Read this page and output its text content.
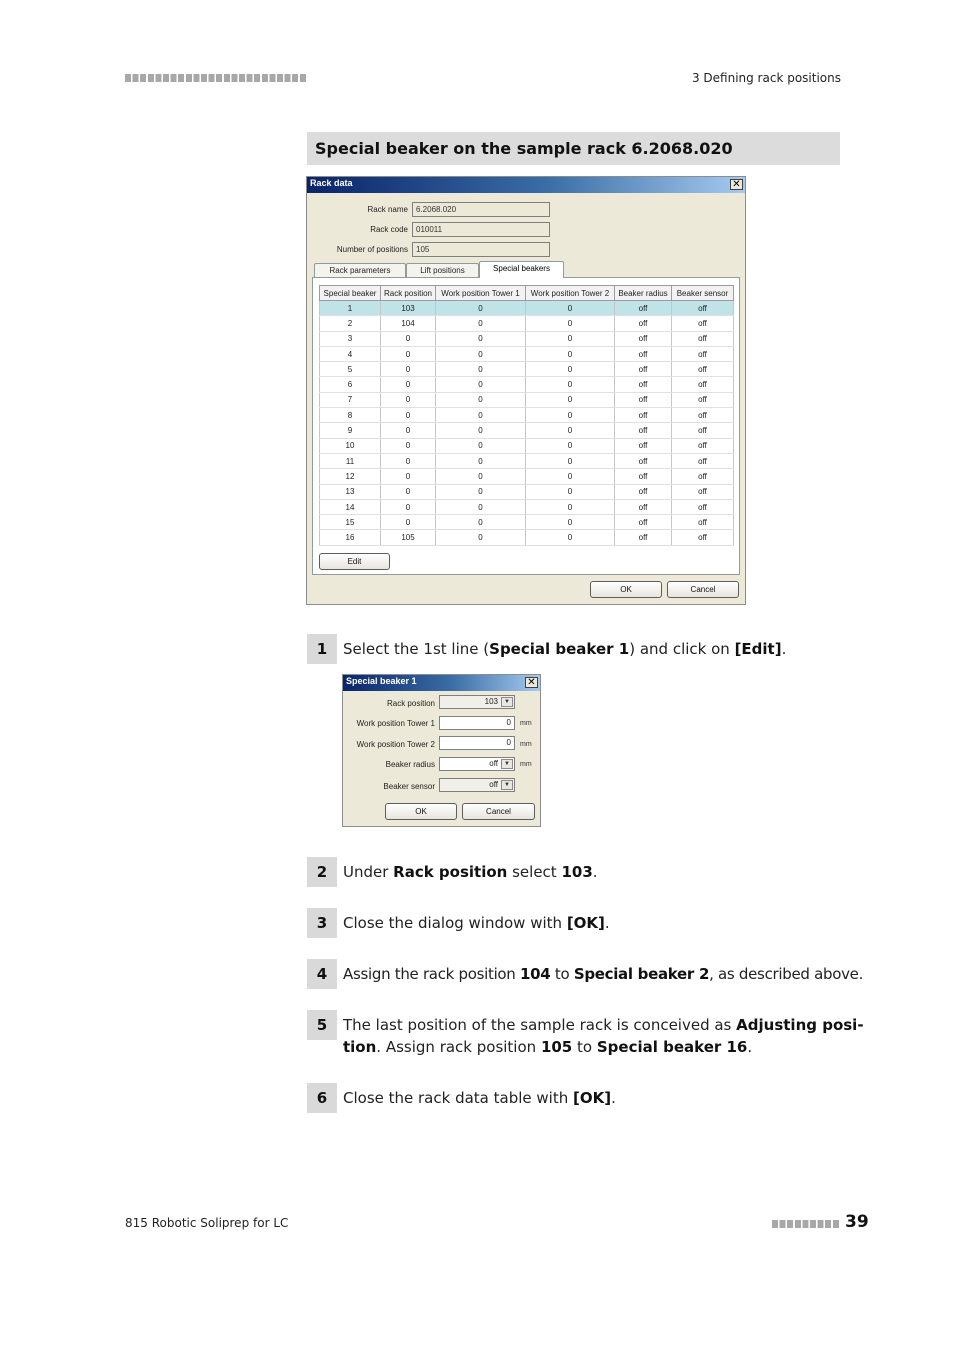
3 Defining rack positions
Special beaker on the sample rack 6.2068.020
Rack data	✕
Rack name	6.2068.020
Rack code	010011
Number of positions	105
Rack parameters	Lift positions	Special beakers
Special beaker	Rack position	Work position Tower 1	Work position Tower 2	Beaker radius	Beaker sensor
1	103	0	0	off	off
2	104	0	0	off	off
3	0	0	0	off	off
4	0	0	0	off	off
5	0	0	0	off	off
6	0	0	0	off	off
7	0	0	0	off	off
8	0	0	0	off	off
9	0	0	0	off	off
10	0	0	0	off	off
11	0	0	0	off	off
12	0	0	0	off	off
13	0	0	0	off	off
14	0	0	0	off	off
15	0	0	0	off	off
16	105	0	0	off	off
Edit
OK	Cancel
1	Select the 1st line (Special beaker 1) and click on [Edit].
Special beaker 1	✕
Rack position	103	▼
Work position Tower 1	0	mm
Work position Tower 2	0	mm
Beaker radius	off	▼	mm
Beaker sensor	off	▼
OK	Cancel
2	Under Rack position select 103.
3	Close the dialog window with [OK].
4	Assign the rack position 104 to Special beaker 2, as described above.
5	The last position of the sample rack is conceived as Adjusting posi-
tion. Assign rack position 105 to Special beaker 16.
6	Close the rack data table with [OK].
815 Robotic Soliprep for LC	39
